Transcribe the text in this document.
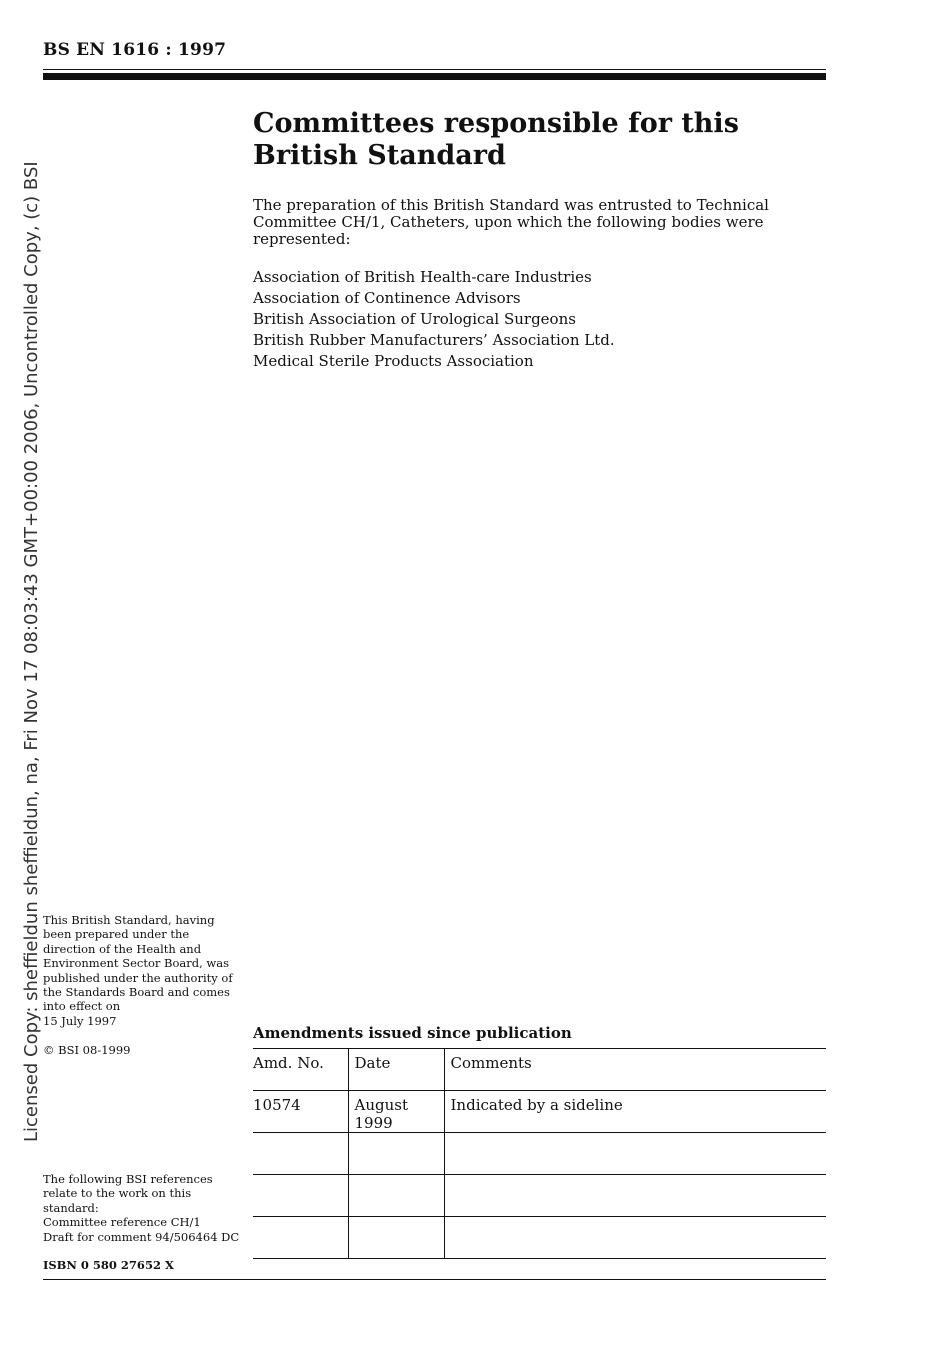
BS EN 1616 : 1997
Licensed Copy: sheffieldun sheffieldun, na, Fri Nov 17 08:03:43 GMT+00:00 2006, Uncontrolled Copy, (c) BSI
Committees responsible for this
British Standard

The preparation of this British Standard was entrusted to Technical Committee CH/1, Catheters, upon which the following bodies were represented:

Association of British Health-care Industries
Association of Continence Advisors
British Association of Urological Surgeons
British Rubber Manufacturers’ Association Ltd.
Medical Sterile Products Association
This British Standard, having
been prepared under the
direction of the Health and
Environment Sector Board, was
published under the authority of
the Standards Board and comes
into effect on
15 July 1997
© BSI 08-1999
The following BSI references
relate to the work on this
standard:
Committee reference CH/1
Draft for comment 94/506464 DC
ISBN 0 580 27652 X
Amendments issued since publication
Amd. No.	Date	Comments
10574	August 1999	Indicated by a sideline
